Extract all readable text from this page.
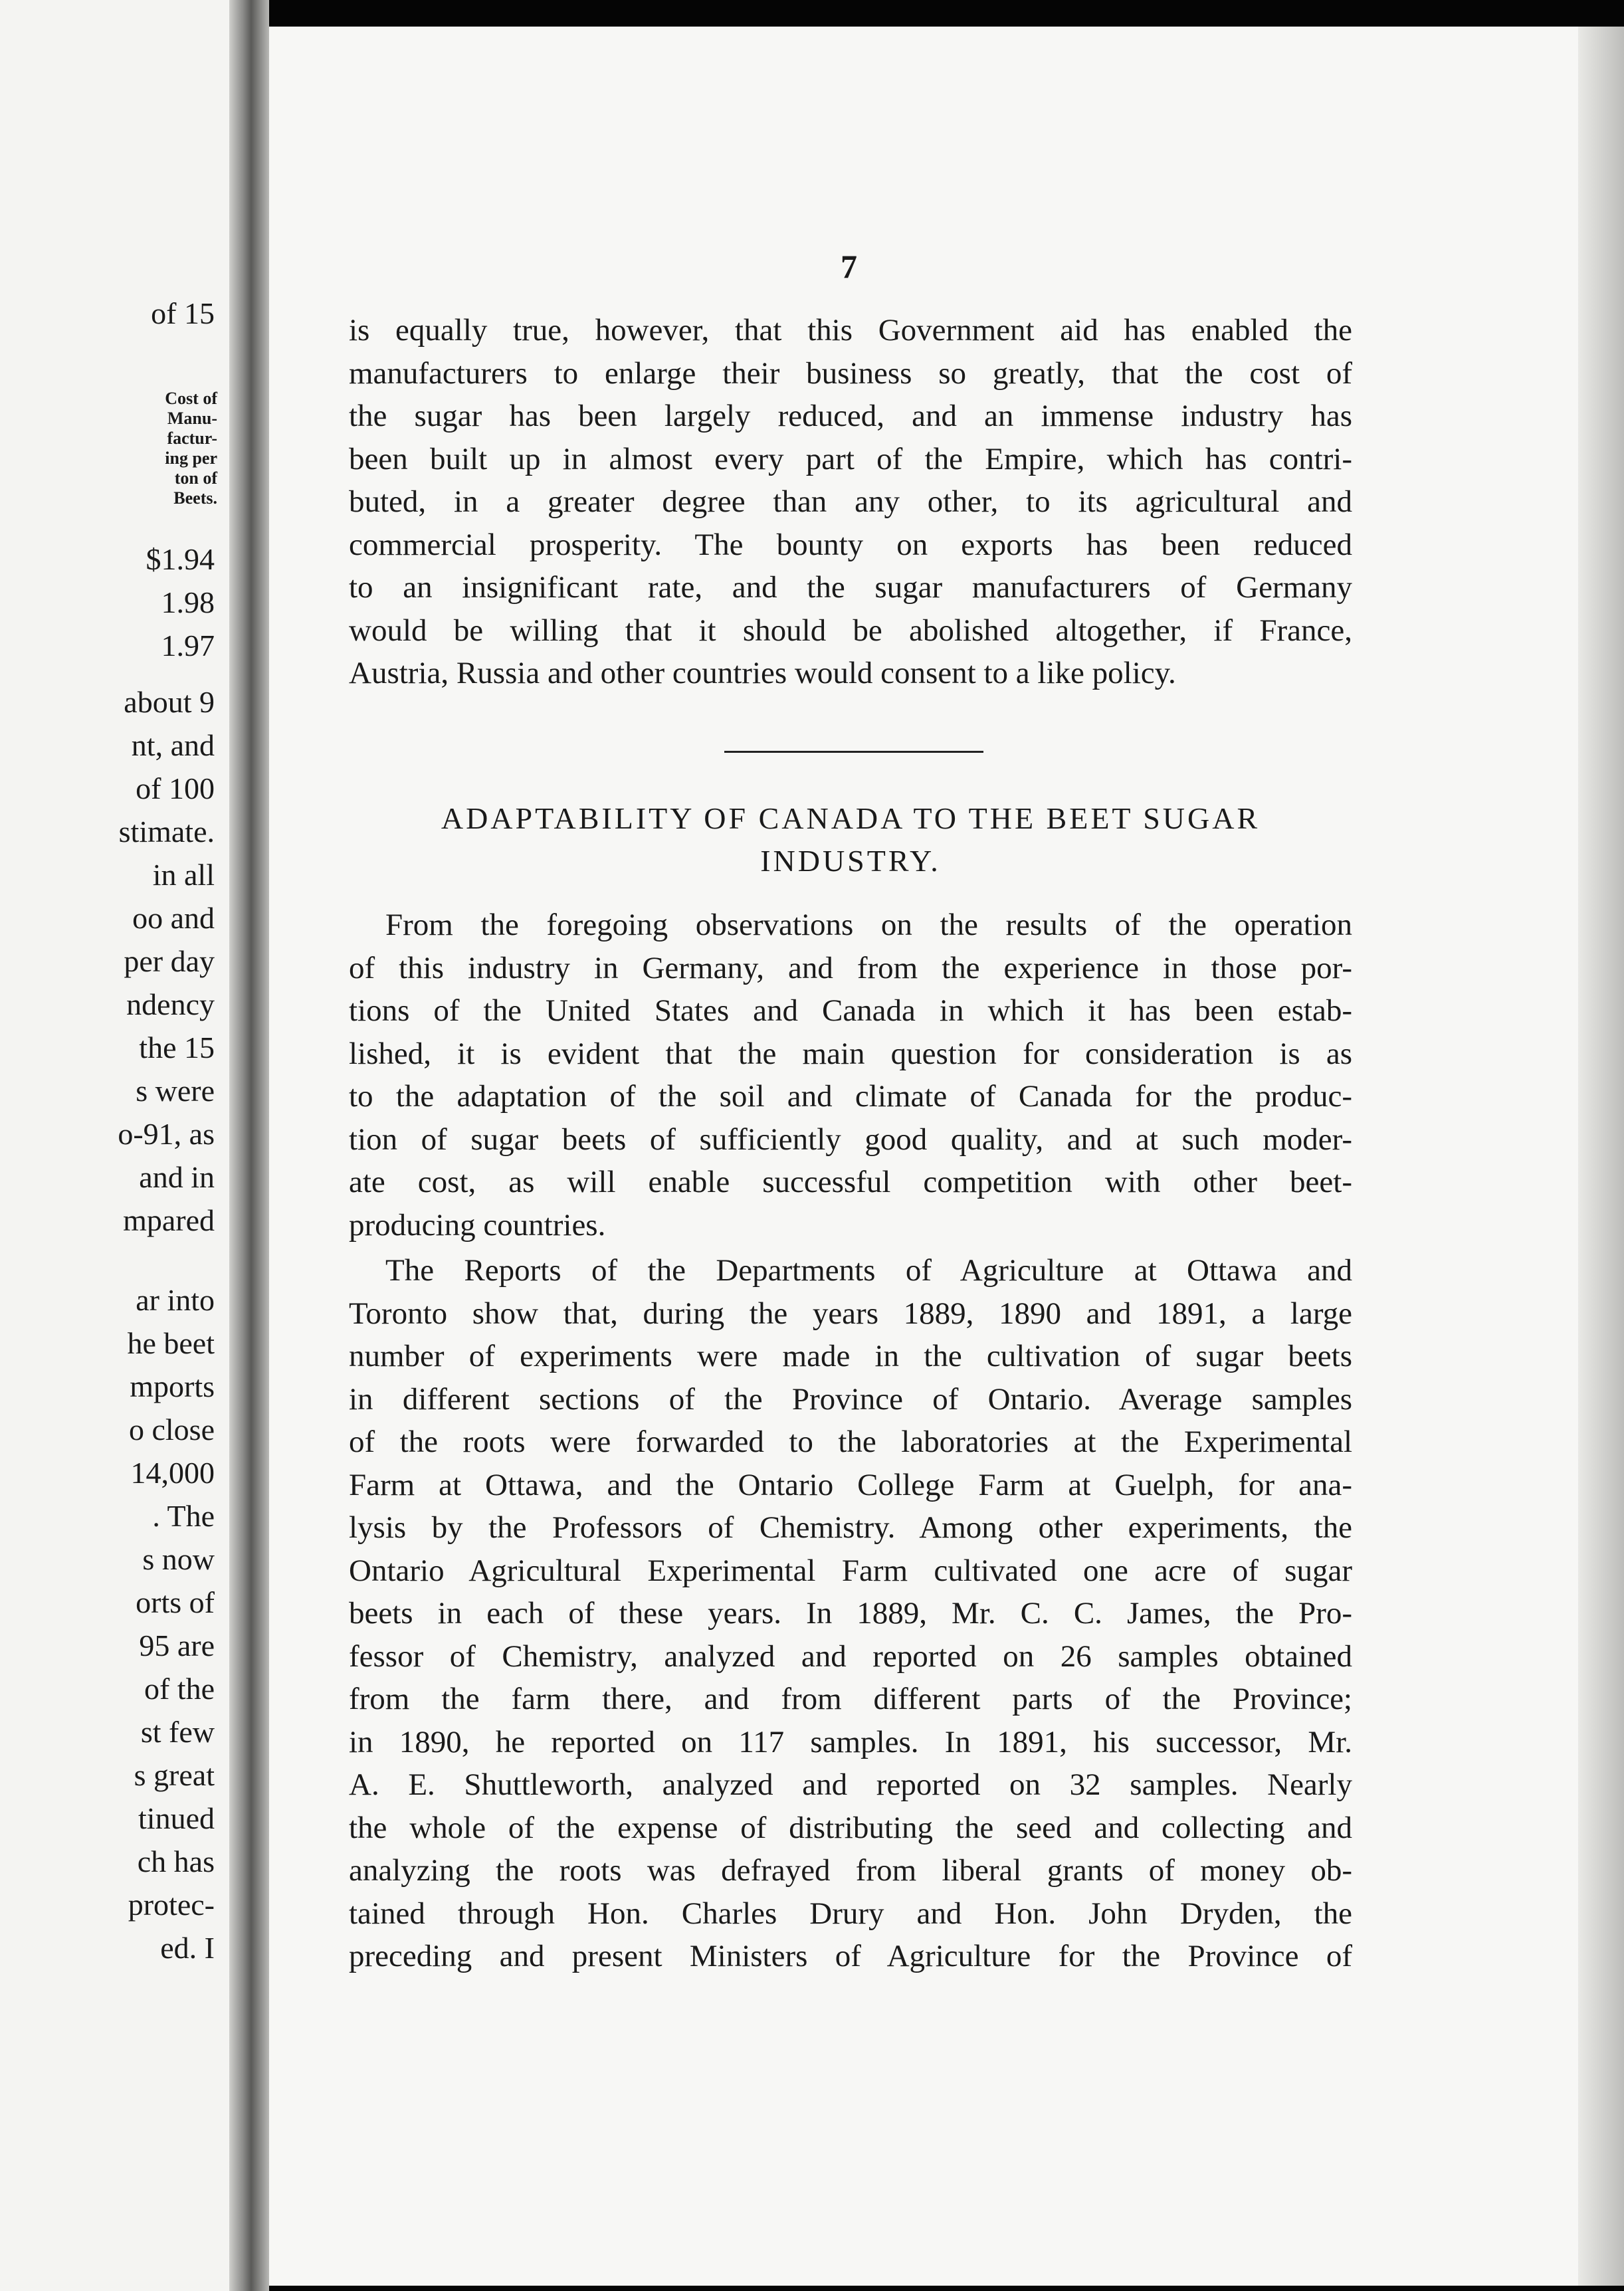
of 15
$1.94
1.98
1.97
about 9
nt, and
of 100
stimate.
in all
oo and
per day
ndency
the 15
s were
o-91, as
and in
mpared
ar into
he beet
mports
o close
14,000
. The
s now
orts of
95 are
of the
st few
s great
tinued
ch has
protec-
ed. I
Cost of
Manu-
factur-
ing per
ton of
Beets.
7
is equally true, however, that this Government aid has enabled the
manufacturers to enlarge their business so greatly, that the cost of
the sugar has been largely reduced, and an immense industry has
been built up in almost every part of the Empire, which has contri-
buted, in a greater degree than any other, to its agricultural and
commercial prosperity. The bounty on exports has been reduced
to an insignificant rate, and the sugar manufacturers of Germany
would be willing that it should be abolished altogether, if France,
Austria, Russia and other countries would consent to a like policy.
ADAPTABILITY OF CANADA TO THE BEET SUGAR
INDUSTRY.
From the foregoing observations on the results of the operation
of this industry in Germany, and from the experience in those por-
tions of the United States and Canada in which it has been estab-
lished, it is evident that the main question for consideration is as
to the adaptation of the soil and climate of Canada for the produc-
tion of sugar beets of sufficiently good quality, and at such moder-
ate cost, as will enable successful competition with other beet-
producing countries.
The Reports of the Departments of Agriculture at Ottawa and
Toronto show that, during the years 1889, 1890 and 1891, a large
number of experiments were made in the cultivation of sugar beets
in different sections of the Province of Ontario. Average samples
of the roots were forwarded to the laboratories at the Experimental
Farm at Ottawa, and the Ontario College Farm at Guelph, for ana-
lysis by the Professors of Chemistry. Among other experiments, the
Ontario Agricultural Experimental Farm cultivated one acre of sugar
beets in each of these years. In 1889, Mr. C. C. James, the Pro-
fessor of Chemistry, analyzed and reported on 26 samples obtained
from the farm there, and from different parts of the Province;
in 1890, he reported on 117 samples. In 1891, his successor, Mr.
A. E. Shuttleworth, analyzed and reported on 32 samples. Nearly
the whole of the expense of distributing the seed and collecting and
analyzing the roots was defrayed from liberal grants of money ob-
tained through Hon. Charles Drury and Hon. John Dryden, the
preceding and present Ministers of Agriculture for the Province of
